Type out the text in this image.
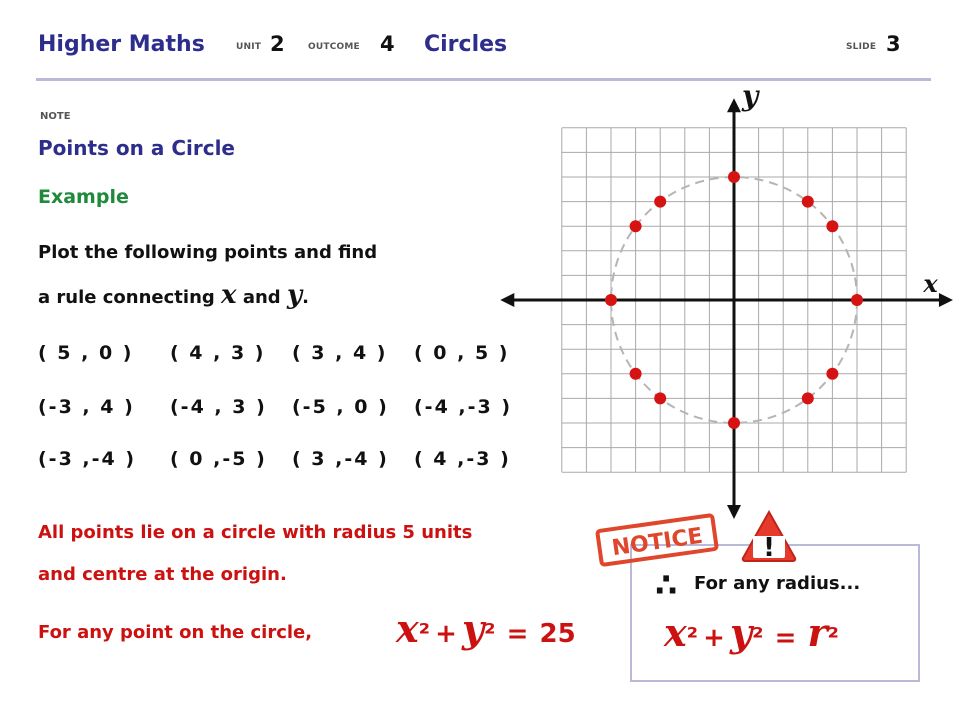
Higher Maths	UNIT 2	OUTCOME 4 Circles	SLIDE 3
NOTE
Points on a Circle
Example
Plot the following points and find
a rule connecting x and y.
( 5 , 0 ) ( 4 , 3 ) ( 3 , 4 ) ( 0 , 5 )
(-3 , 4 ) (-4 , 3 ) (-5 , 0 ) (-4 ,-3 )
(-3 ,-4 ) ( 0 ,-5 ) ( 3 ,-4 ) ( 4 ,-3 )
All points lie on a circle with radius 5 units
and centre at the origin.
For any point on the circle, x² + y² = 25
x
y
NOTICE !
∴ For any radius...
x² + y² = r²
